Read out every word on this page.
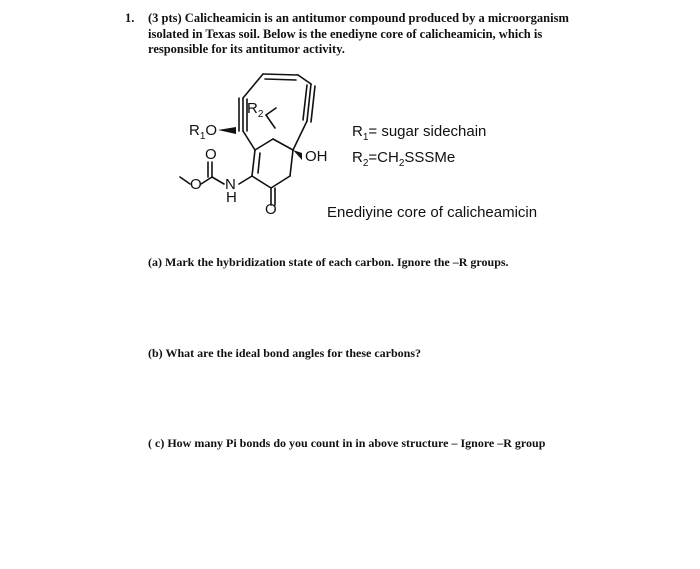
1. (3 pts) Calicheamicin is an antitumor compound produced by a microorganism
isolated in Texas soil. Below is the enediyne core of calicheamicin, which is
responsible for its antitumor activity.
$R_1O$
$R_2$
O
O N
H
O
OH
$R_1=$ sugar sidechain
$R_2=CH_2SSSMe$
Enediyine core of calicheamicin
(a) Mark the hybridization state of each carbon. Ignore the –R groups.
(b) What are the ideal bond angles for these carbons?
( c) How many Pi bonds do you count in in above structure – Ignore –R group
